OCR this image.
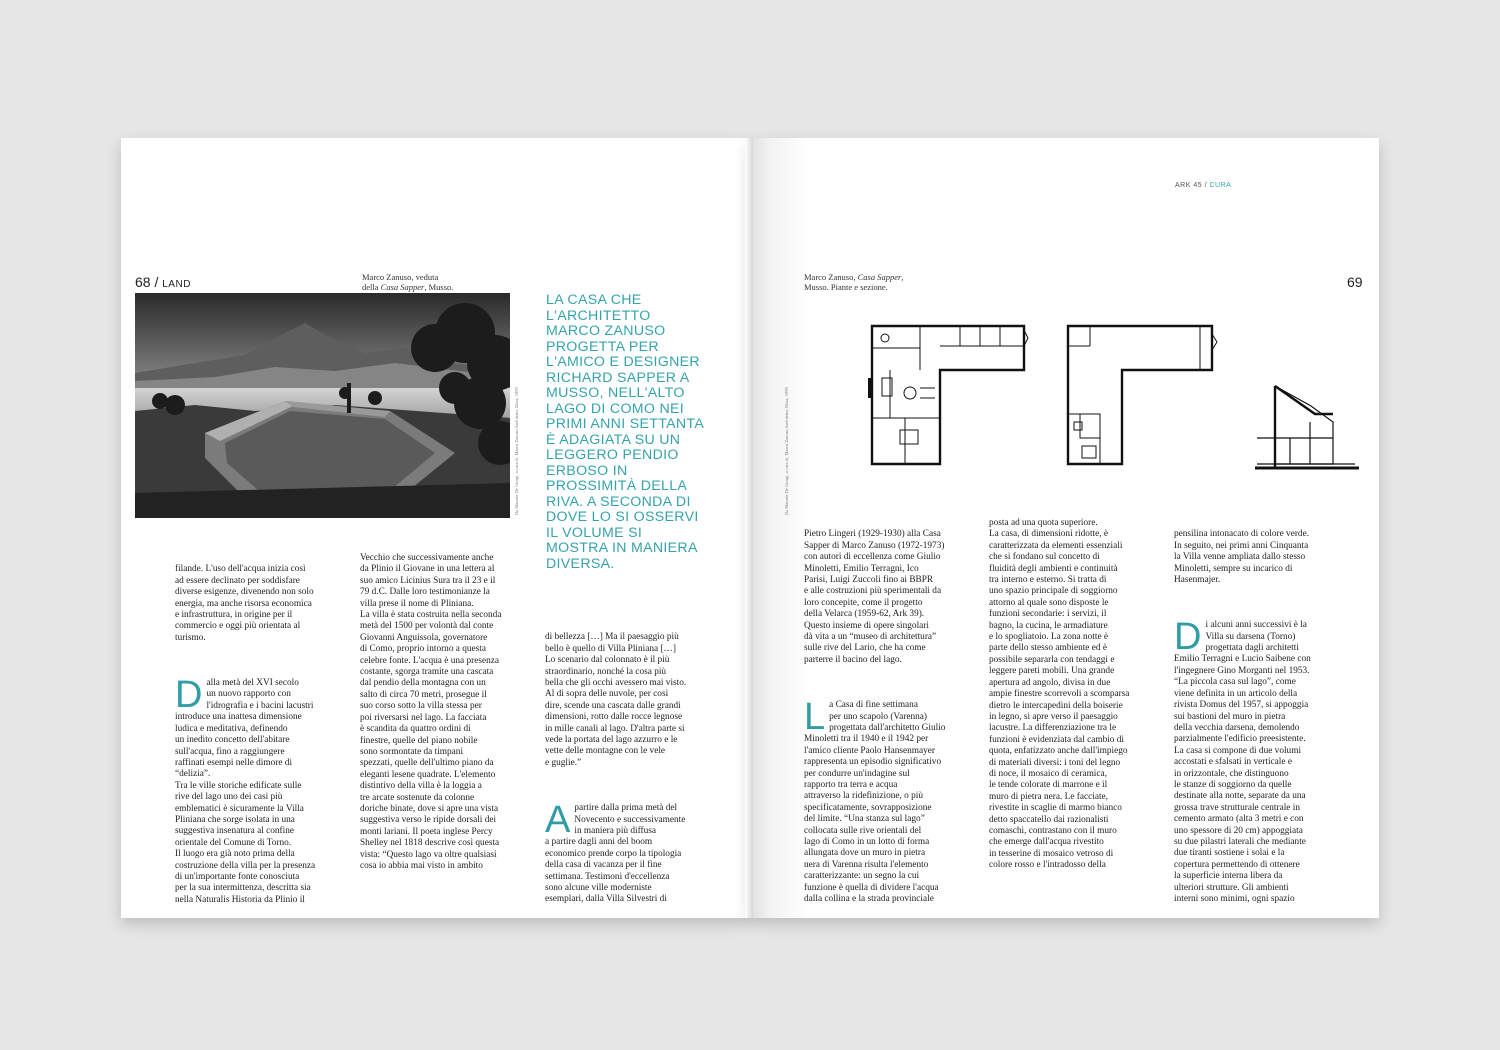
68 / LAND
Marco Zanuso, veduta
della Casa Sapper, Musso.
Da Manolo De Giorgi, a cura di, Marco Zanuso Architetto, Skira, 1999
LA CASA CHE L'ARCHITETTO MARCO ZANUSO PROGETTA PER L'AMICO E DESIGNER RICHARD SAPPER A MUSSO, NELL'ALTO LAGO DI COMO NEI PRIMI ANNI SETTANTA È ADAGIATA SU UN LEGGERO PENDIO ERBOSO IN PROSSIMITÀ DELLA RIVA. A SECONDA DI DOVE LO SI OSSERVI IL VOLUME SI MOSTRA IN MANIERA DIVERSA.

filande. L'uso dell'acqua inizia così
ad essere declinato per soddisfare
diverse esigenze, divenendo non solo
energia, ma anche risorsa economica
e infrastruttura, in origine per il
commercio e oggi più orientata al
turismo.

Dalla metà del XVI secolo
un nuovo rapporto con
l'idrografia e i bacini lacustri
introduce una inattesa dimensione
ludica e meditativa, definendo
un inedito concetto dell'abitare
sull'acqua, fino a raggiungere
raffinati esempi nelle dimore di
“delizia”.
Tra le ville storiche edificate sulle
rive del lago uno dei casi più
emblematici è sicuramente la Villa
Pliniana che sorge isolata in una
suggestiva insenatura al confine
orientale del Comune di Torno.
Il luogo era già noto prima della
costruzione della villa per la presenza
di un'importante fonte conosciuta
per la sua intermittenza, descritta sia
nella Naturalis Historia da Plinio il

Vecchio che successivamente anche
da Plinio il Giovane in una lettera al
suo amico Licinius Sura tra il 23 e il
79 d.C. Dalle loro testimonianze la
villa prese il nome di Pliniana.
La villa è stata costruita nella seconda
metà del 1500 per volontà dal conte
Giovanni Anguissola, governatore
di Como, proprio intorno a questa
celebre fonte. L'acqua è una presenza
costante, sgorga tramite una cascata
dal pendio della montagna con un
salto di circa 70 metri, prosegue il
suo corso sotto la villa stessa per
poi riversarsi nel lago. La facciata
è scandita da quattro ordini di
finestre, quelle del piano nobile
sono sormontate da timpani
spezzati, quelle dell'ultimo piano da
eleganti lesene quadrate. L'elemento
distintivo della villa è la loggia a
tre arcate sostenute da colonne
doriche binate, dove si apre una vista
suggestiva verso le ripide dorsali dei
monti lariani. Il poeta inglese Percy
Shelley nel 1818 descrive così questa
vista: “Questo lago va oltre qualsiasi
cosa io abbia mai visto in ambito

di bellezza […] Ma il paesaggio più
bello è quello di Villa Pliniana […]
Lo scenario dal colonnato è il più
straordinario, nonché la cosa più
bella che gli occhi avessero mai visto.
Al di sopra delle nuvole, per così
dire, scende una cascata dalle grandi
dimensioni, rotto dalle rocce legnose
in mille canali al lago. D'altra parte si
vede la portata del lago azzurro e le
vette delle montagne con le vele
e guglie.”

Apartire dalla prima metà del
Novecento e successivamente
in maniera più diffusa
a partire dagli anni del boom
economico prende corpo la tipologia
della casa di vacanza per il fine
settimana. Testimoni d'eccellenza
sono alcune ville moderniste
esemplari, dalla Villa Silvestri di

ARK 45 / CURA
69
Marco Zanuso, Casa Sapper,
Musso. Piante e sezione.
Da Manolo De Giorgi, a cura di, Marco Zanuso Architetto, Skira, 1999

Pietro Lingeri (1929-1930) alla Casa
Sapper di Marco Zanuso (1972-1973)
con autori di eccellenza come Giulio
Minoletti, Emilio Terragni, Ico
Parisi, Luigi Zuccoli fino ai BBPR
e alle costruzioni più sperimentali da
loro concepite, come il progetto
della Velarca (1959-62, Ark 39).
Questo insieme di opere singolari
dà vita a un “museo di architettura”
sulle rive del Lario, che ha come
parterre il bacino del lago.

La Casa di fine settimana
per uno scapolo (Varenna)
progettata dall'architetto Giulio
Minoletti tra il 1940 e il 1942 per
l'amico cliente Paolo Hansenmayer
rappresenta un episodio significativo
per condurre un'indagine sul
rapporto tra terra e acqua
attraverso la ridefinizione, o più
specificatamente, sovrapposizione
del limite. “Una stanza sul lago”
collocata sulle rive orientali del
lago di Como in un lotto di forma
allungata dove un muro in pietra
nera di Varenna risulta l'elemento
caratterizzante: un segno la cui
funzione è quella di dividere l'acqua
dalla collina e la strada provinciale

posta ad una quota superiore.
La casa, di dimensioni ridotte, è
caratterizzata da elementi essenziali
che si fondano sul concetto di
fluidità degli ambienti e continuità
tra interno e esterno. Si tratta di
uno spazio principale di soggiorno
attorno al quale sono disposte le
funzioni secondarie: i servizi, il
bagno, la cucina, le armadiature
e lo spogliatoio. La zona notte è
parte dello stesso ambiente ed è
possibile separarla con tendaggi e
leggere pareti mobili. Una grande
apertura ad angolo, divisa in due
ampie finestre scorrevoli a scomparsa
dietro le intercapedini della boiserie
in legno, si apre verso il paesaggio
lacustre. La differenziazione tra le
funzioni è evidenziata dal cambio di
quota, enfatizzato anche dall'impiego
di materiali diversi: i toni del legno
di noce, il mosaico di ceramica,
le tende colorate di marrone e il
muro di pietra nera. Le facciate,
rivestite in scaglie di marmo bianco
detto spaccatello dai razionalisti
comaschi, contrastano con il muro
che emerge dall'acqua rivestito
in tesserine di mosaico vetroso di
colore rosso e l'intradosso della

pensilina intonacato di colore verde.
In seguito, nei primi anni Cinquanta
la Villa venne ampliata dallo stesso
Minoletti, sempre su incarico di
Hasenmajer.

Di alcuni anni successivi è la
Villa su darsena (Torno)
progettata dagli architetti
Emilio Terragni e Lucio Saibene con
l'ingegnere Gino Morganti nel 1953.
“La piccola casa sul lago”, come
viene definita in un articolo della
rivista Domus del 1957, si appoggia
sui bastioni del muro in pietra
della vecchia darsena, demolendo
parzialmente l'edificio preesistente.
La casa si compone di due volumi
accostati e sfalsati in verticale e
in orizzontale, che distinguono
le stanze di soggiorno da quelle
destinate alla notte, separate da una
grossa trave strutturale centrale in
cemento armato (alta 3 metri e con
uno spessore di 20 cm) appoggiata
su due pilastri laterali che mediante
due tiranti sostiene i solai e la
copertura permettendo di ottenere
la superficie interna libera da
ulteriori strutture. Gli ambienti
interni sono minimi, ogni spazio
